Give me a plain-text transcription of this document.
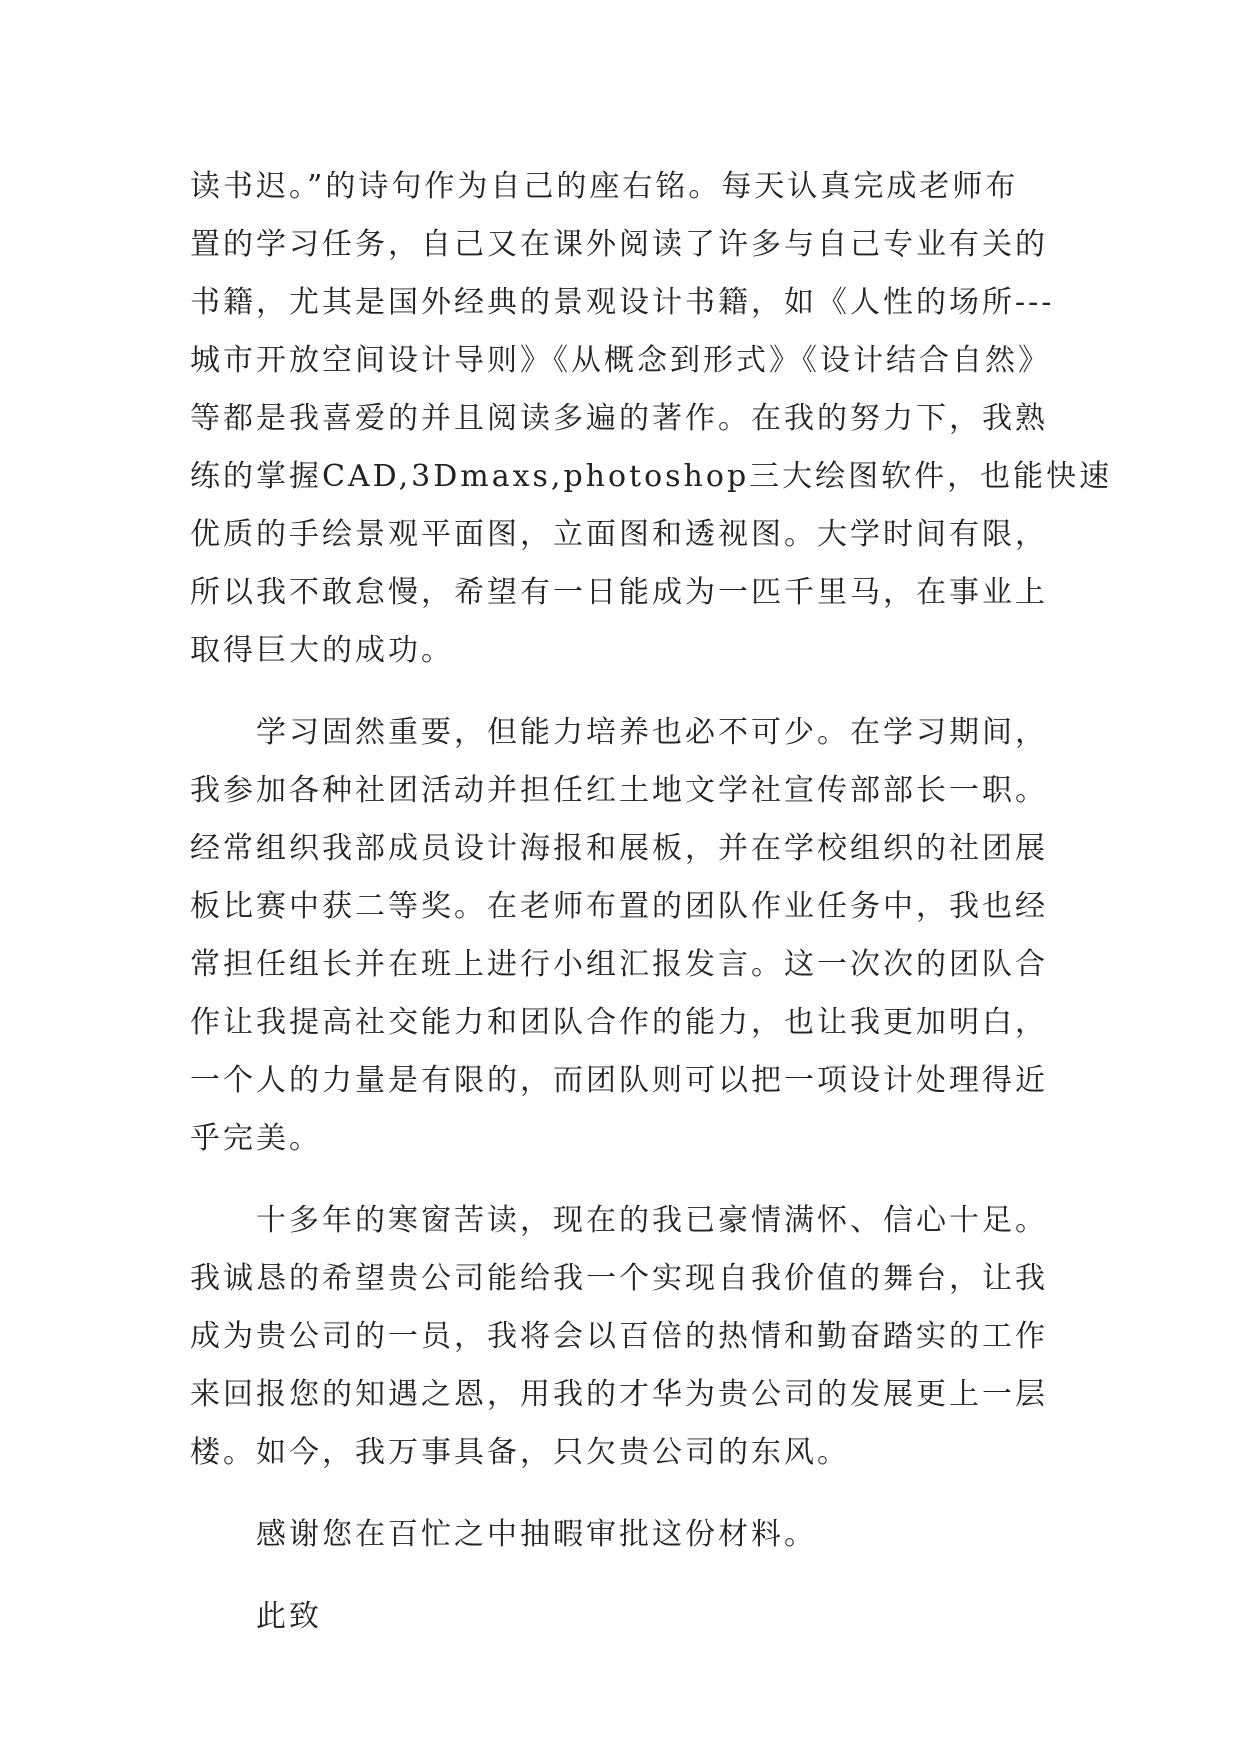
读书迟。”的诗句作为自己的座右铭。每天认真完成老师布
置的学习任务，自己又在课外阅读了许多与自己专业有关的
书籍，尤其是国外经典的景观设计书籍，如《人性的场所---
城市开放空间设计导则》《从概念到形式》《设计结合自然》
等都是我喜爱的并且阅读多遍的著作。在我的努力下，我熟
练的掌握CAD,3Dmaxs,photoshop三大绘图软件，也能快速
优质的手绘景观平面图，立面图和透视图。大学时间有限，
所以我不敢怠慢，希望有一日能成为一匹千里马，在事业上
取得巨大的成功。
学习固然重要，但能力培养也必不可少。在学习期间，
我参加各种社团活动并担任红土地文学社宣传部部长一职。
经常组织我部成员设计海报和展板，并在学校组织的社团展
板比赛中获二等奖。在老师布置的团队作业任务中，我也经
常担任组长并在班上进行小组汇报发言。这一次次的团队合
作让我提高社交能力和团队合作的能力，也让我更加明白，
一个人的力量是有限的，而团队则可以把一项设计处理得近
乎完美。
十多年的寒窗苦读，现在的我已豪情满怀、信心十足。
我诚恳的希望贵公司能给我一个实现自我价值的舞台，让我
成为贵公司的一员，我将会以百倍的热情和勤奋踏实的工作
来回报您的知遇之恩，用我的才华为贵公司的发展更上一层
楼。如今，我万事具备，只欠贵公司的东风。
感谢您在百忙之中抽暇审批这份材料。
此致
